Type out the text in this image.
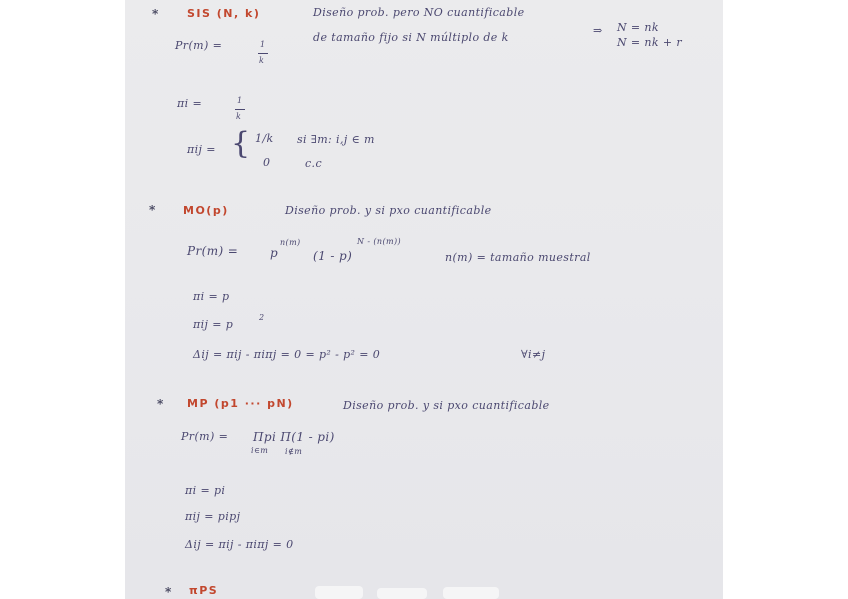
*	SIS (N, k)	Diseño prob. pero NO cuantificable
de tamaño fijo si N múltiplo de k
⇒ N = nk
N = nk + r
Pr(m) =	1
k
πi =	1
k
πij = { 1/k si ∃m: i,j ∈ m
0	c.c
* MO(p)	Diseño prob. y si pxo cuantificable
Pr(m) =	p
n(m)
(1 - p)
N - (n(m))
n(m) = tamaño muestral
πi = p
πij = p
2
Δij = πij - πiπj = 0 = p² - p² = 0	∀i≠j
* MP (p1 ··· pN)	Diseño prob. y si pxo cuantificable
Pr(m) = Πpi Π(1 - pi)
i∈m i∉m
πi = pi
πij = pipj
Δij = πij - πiπj = 0
* πPS
